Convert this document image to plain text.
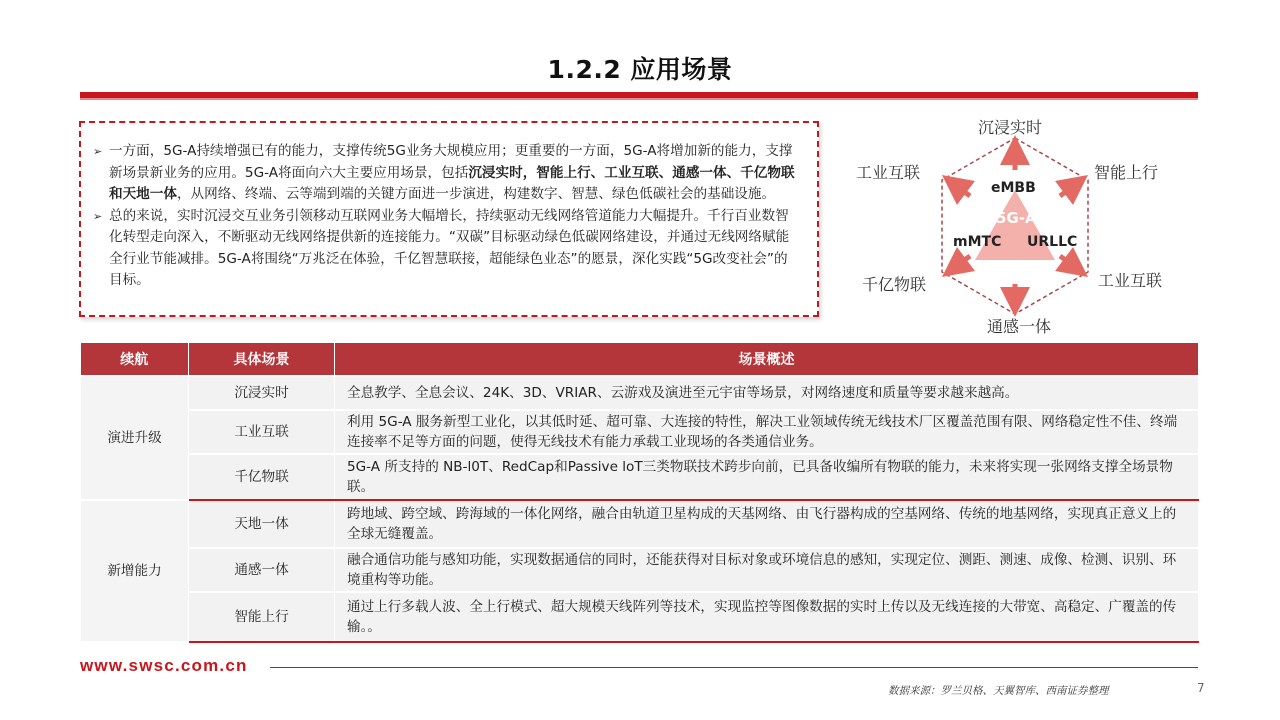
1.2.2 应用场景
➢ 一方面，5G-A持续增强已有的能力，支撑传统5G业务大规模应用；更重要的一方面，5G-A将增加新的能力，支撑新场景新业务的应用。5G-A将面向六大主要应用场景，包括沉浸实时，智能上行、工业互联、通感一体、千亿物联和天地一体，从网络、终端、云等端到端的关键方面进一步演进，构建数字、智慧、绿色低碳社会的基础设施。
➢ 总的来说，实时沉浸交互业务引领移动互联网业务大幅增长，持续驱动无线网络管道能力大幅提升。千行百业数智化转型走向深入，不断驱动无线网络提供新的连接能力。“双碳”目标驱动绿色低碳网络建设，并通过无线网络赋能全行业节能减排。5G-A将围绕“万兆泛在体验，千亿智慧联接，超能绿色业态”的愿景，深化实践“5G改变社会”的目标。
沉浸实时
智能上行
工业互联
通感一体
千亿物联
工业互联
eMBB
5G-A
mMTC URLLC
续航	具体场景	场景概述
演进升级	沉浸实时	全息教学、全息会议、24K、3D、VRIAR、云游戏及演进至元宇宙等场景，对网络速度和质量等要求越来越高。
	工业互联	利用 5G-A 服务新型工业化，以其低时延、超可靠、大连接的特性，解决工业领域传统无线技术厂区覆盖范围有限、网络稳定性不佳、终端连接率不足等方面的问题，使得无线技术有能力承载工业现场的各类通信业务。
	千亿物联	5G-A 所支持的 NB-l0T、RedCap和Passive loT三类物联技术跨步向前，已具备收编所有物联的能力，未来将实现一张网络支撑全场景物联。
新增能力	天地一体	跨地域、跨空域、跨海域的一体化网络，融合由轨道卫星构成的天基网络、由飞行器构成的空基网络、传统的地基网络，实现真正意义上的全球无缝覆盖。
	通感一体	融合通信功能与感知功能，实现数据通信的同时，还能获得对目标对象或环境信息的感知，实现定位、测距、测速、成像、检测、识别、环境重构等功能。
	智能上行	通过上行多载人波、全上行模式、超大规模天线阵列等技术，实现监控等图像数据的实时上传以及无线连接的大带宽、高稳定、广覆盖的传输。。
www.swsc.com.cn
数据来源：罗兰贝格、天翼智库、西南证券整理	7
